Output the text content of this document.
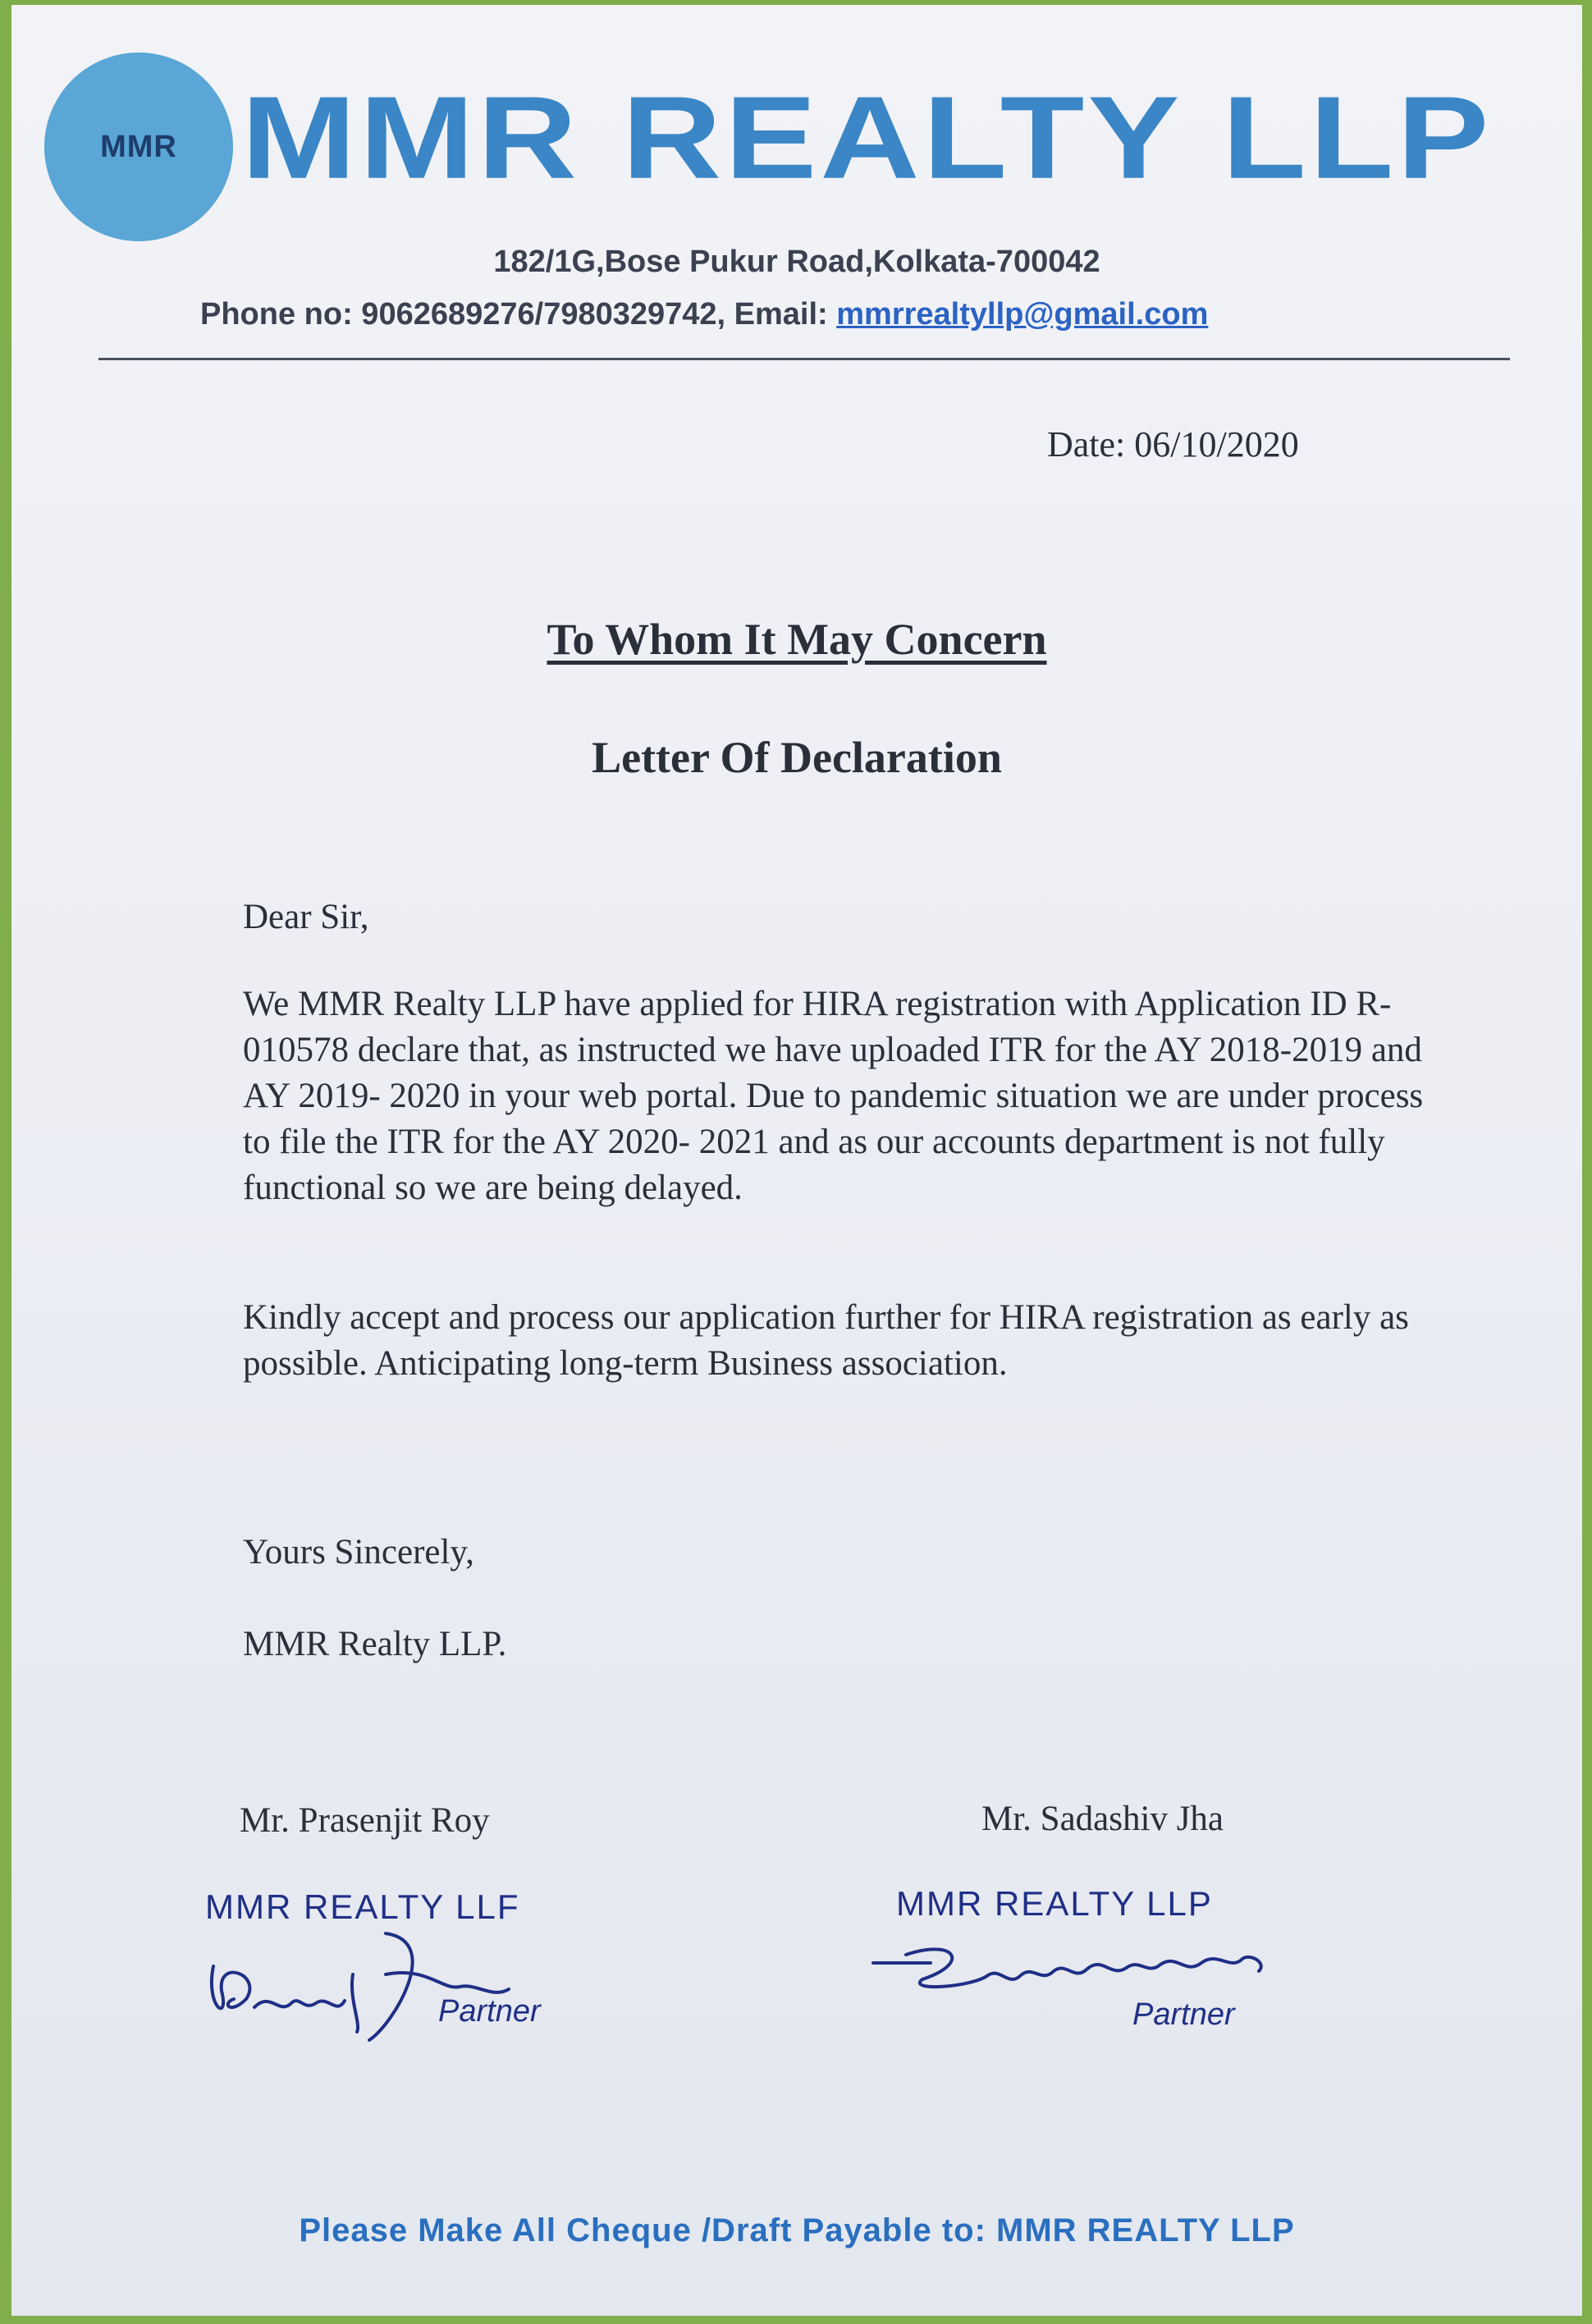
MMR MMR REALTY LLP
182/1G,Bose Pukur Road,Kolkata-700042
Phone no: 9062689276/7980329742, Email: mmrrealtyllp@gmail.com
Date: 06/10/2020
To Whom It May Concern
Letter Of Declaration
Dear Sir,
We MMR Realty LLP have applied for HIRA registration with Application ID R- 010578 declare that, as instructed we have uploaded ITR for the AY 2018-2019 and AY 2019- 2020 in your web portal. Due to pandemic situation we are under process to file the ITR for the AY 2020- 2021 and as our accounts department is not fully functional so we are being delayed.
Kindly accept and process our application further for HIRA registration as early as possible. Anticipating long-term Business association.
Yours Sincerely,
MMR Realty LLP.
Mr. Prasenjit Roy	Mr. Sadashiv Jha
MMR REALTY LLF	MMR REALTY LLP
Partner	Partner
Please Make All Cheque /Draft Payable to: MMR REALTY LLP
